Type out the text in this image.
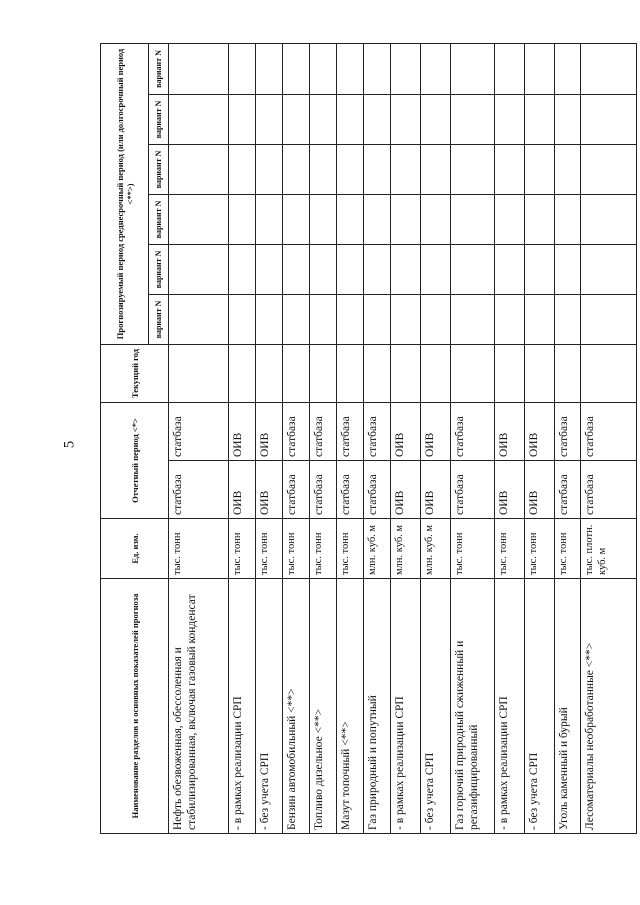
5
Наименование разделов и основных показателей прогноза	Ед. изм.	Отчетный период <*>		Текущий год	Прогнозируемый период среднесрочный период (или долгосрочный период <**>)					
					вариант N	вариант N	вариант N	вариант N	вариант N	вариант N
Нефть обезвоженная, обессоленная и стабилизированная, включая газовый конденсат	тыс. тонн	статбаза	статбаза							
- в рамках реализации СРП	тыс. тонн	ОИВ	ОИВ							
- без учета СРП	тыс. тонн	ОИВ	ОИВ							
Бензин автомобильный <**>	тыс. тонн	статбаза	статбаза							
Топливо дизельное <**>	тыс. тонн	статбаза	статбаза							
Мазут топочный <**>	тыс. тонн	статбаза	статбаза							
Газ природный и попутный	млн. куб. м	статбаза	статбаза							
- в рамках реализации СРП	млн. куб. м	ОИВ	ОИВ							
- без учета СРП	млн. куб. м	ОИВ	ОИВ							
Газ горючий природный сжиженный и регазифицированный	тыс. тонн	статбаза	статбаза							
- в рамках реализации СРП	тыс. тонн	ОИВ	ОИВ							
- без учета СРП	тыс. тонн	ОИВ	ОИВ							
Уголь каменный и бурый	тыс. тонн	статбаза	статбаза							
Лесоматериалы необработанные <**>	тыс. плотн. куб. м	статбаза	статбаза							
